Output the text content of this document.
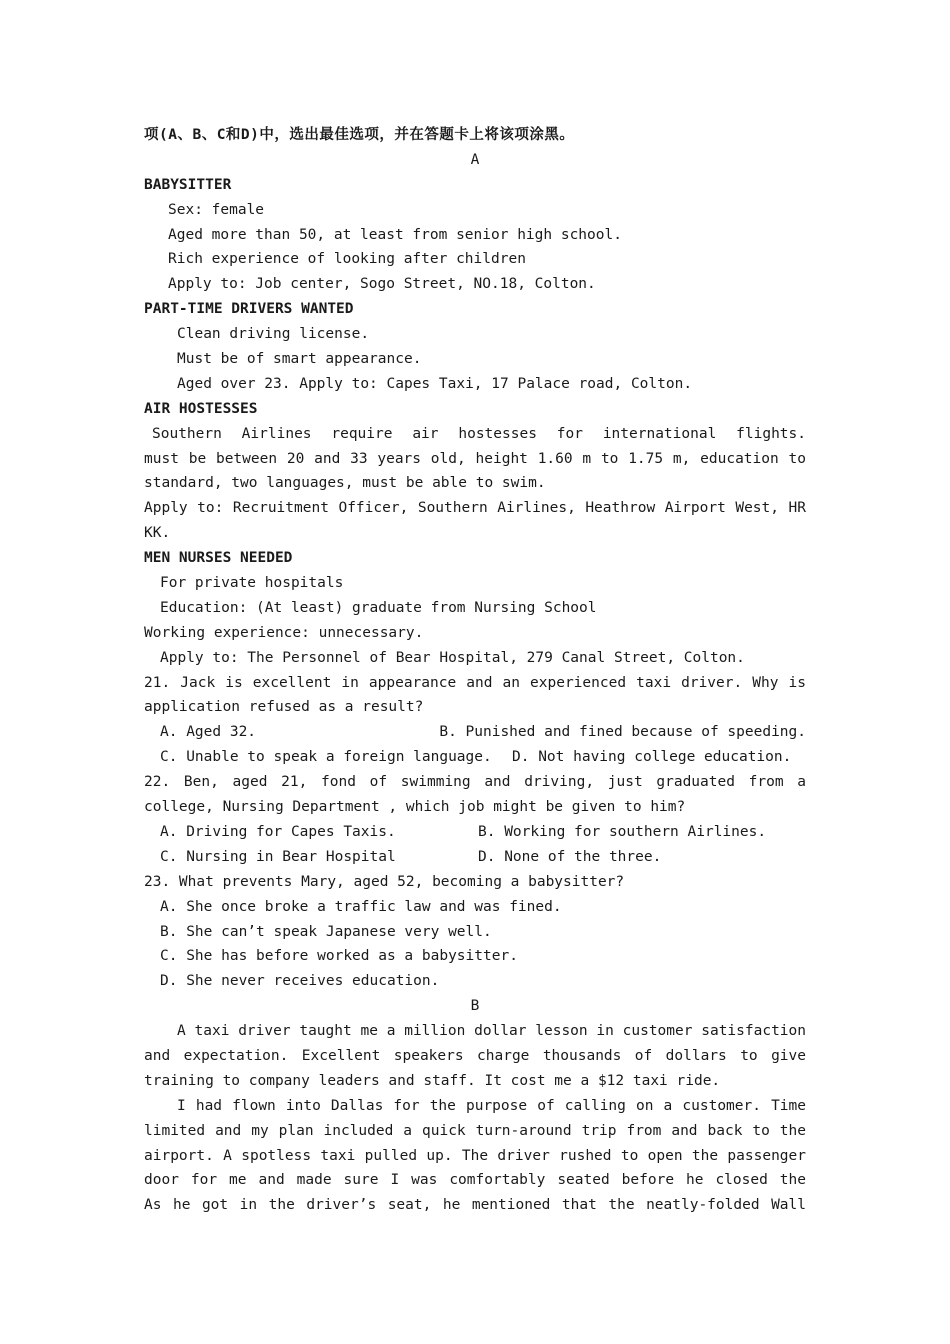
项(A、B、C和D)中，选出最佳选项，并在答题卡上将该项涂黑。
A
BABYSITTER
Sex: female
Aged more than 50, at least from senior high school.
Rich experience of looking after children
Apply to: Job center, Sogo Street, NO.18, Colton.
PART-TIME DRIVERS WANTED
Clean driving license.
Must be of smart appearance.
Aged over 23. Apply to: Capes Taxi, 17 Palace road, Colton.
AIR HOSTESSES
Southern Airlines require air hostesses for international flights.
must be between 20 and 33 years old, height 1.60 m to 1.75 m, education to
standard, two languages, must be able to swim.
Apply to: Recruitment Officer, Southern Airlines, Heathrow Airport West, HR
KK.
MEN NURSES NEEDED
For private hospitals
Education: (At least) graduate from Nursing School
Working experience: unnecessary.
Apply to: The Personnel of Bear Hospital, 279 Canal Street, Colton.
21. Jack is excellent in appearance and an experienced taxi driver. Why is
application refused as a result?
A. Aged 32.	B. Punished and fined because of speeding.
C. Unable to speak a foreign language.	D. Not having college education.
22. Ben, aged 21, fond of swimming and driving, just graduated from a
college, Nursing Department , which job might be given to him?
A. Driving for Capes Taxis.	B. Working for southern Airlines.
C. Nursing in Bear Hospital	D. None of the three.
23. What prevents Mary, aged 52, becoming a babysitter?
A. She once broke a traffic law and was fined.
B. She can’t speak Japanese very well.
C. She has before worked as a babysitter.
D. She never receives education.
B
A taxi driver taught me a million dollar lesson in customer satisfaction
and expectation. Excellent speakers charge thousands of dollars to give
training to company leaders and staff. It cost me a $12 taxi ride.
I had flown into Dallas for the purpose of calling on a customer. Time
limited and my plan included a quick turn-around trip from and back to the
airport. A spotless taxi pulled up. The driver rushed to open the passenger
door for me and made sure I was comfortably seated before he closed the
As he got in the driver’s seat, he mentioned that the neatly-folded Wall
